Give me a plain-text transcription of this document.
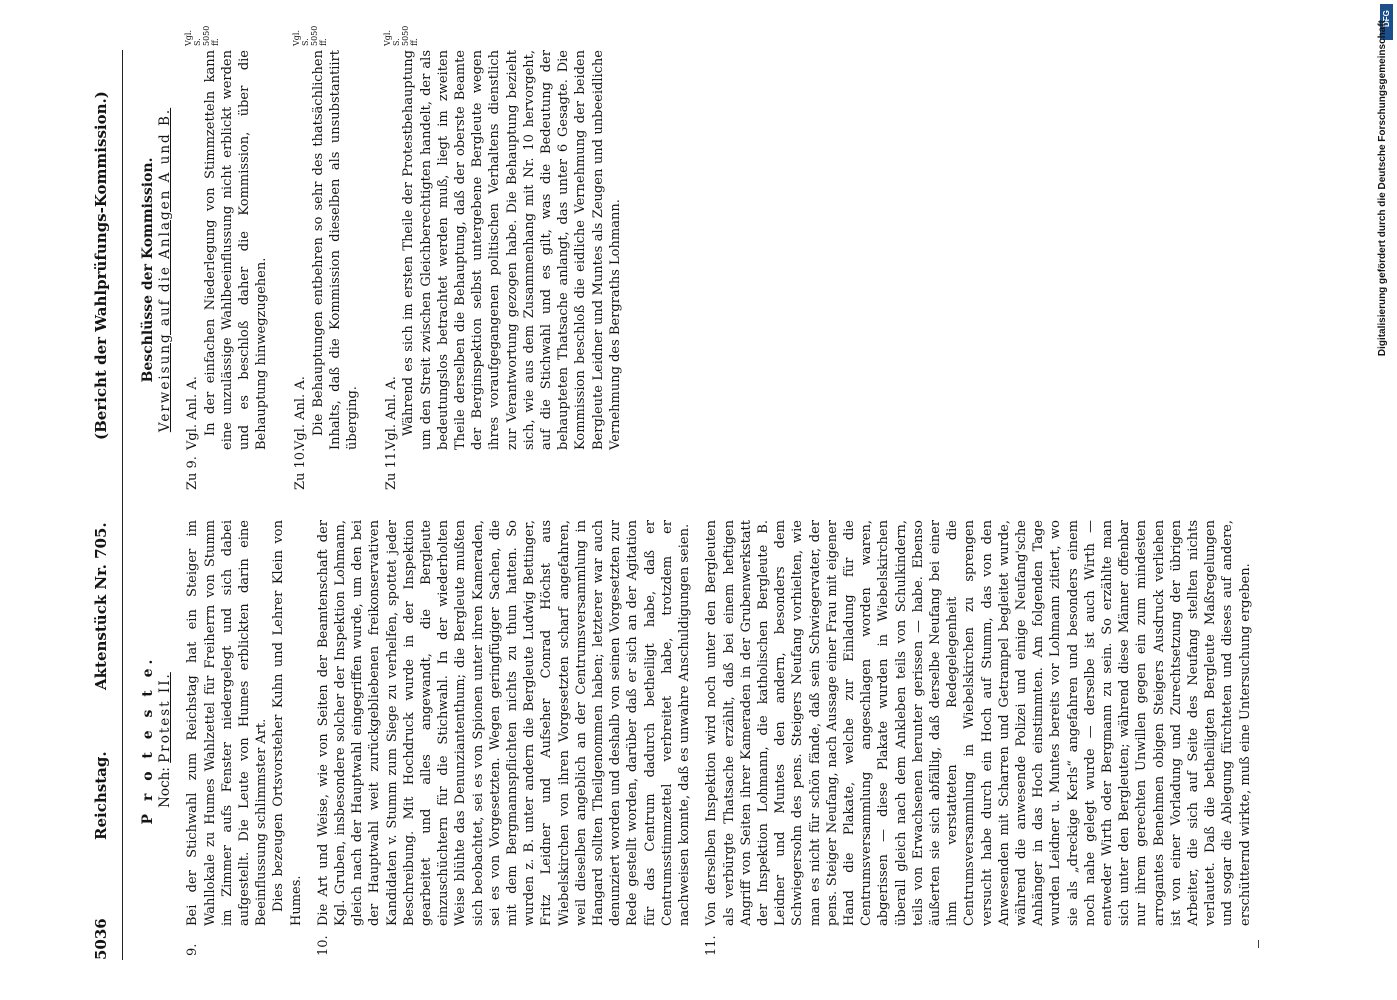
5036
Reichstag.
Aktenstück Nr. 705.
(Bericht der Wahlprüfungs-Kommission.)

P r o t e s t e. Noch: Protest II.

9.

Bei der Stichwahl zum Reichstag hat ein Steiger im Wahllokale zu Humes Wahlzettel für Freiherrn von Stumm im Zimmer aufs Fenster niedergelegt und sich dabei aufgestellt. Die Leute von Humes erblickten darin eine Beeinflussung schlimmster Art. Dies bezeugen Ortsvorsteher Kuhn und Lehrer Klein von Humes.

10.

Die Art und Weise, wie von Seiten der Beamtenschaft der Kgl. Gruben, insbesondere solcher der Inspektion Lohmann, gleich nach der Hauptwahl eingegriffen wurde, um den bei der Hauptwahl weit zurückgebliebenen freikonservativen Kandidaten v. Stumm zum Siege zu verhelfen, spottet jeder Beschreibung. Mit Hochdruck wurde in der Inspektion gearbeitet und alles angewandt, die Bergleute einzuschüchtern für die Stichwahl. In der wiederholten Weise blühte das Denunziantenthum; die Bergleute mußten sich beobachtet, sei es von Spionen unter ihren Kameraden, sei es von Vorgesetzten. Wegen geringfügiger Sachen, die mit dem Bergmannspflichten nichts zu thun hatten. So wurden z. B. unter andern die Bergleute Ludwig Bettinger, Fritz Leidner und Aufseher Conrad Höchst aus Wiebelskirchen von ihren Vorgesetzten scharf angefahren, weil dieselben angeblich an der Centrumsversammlung in Hangard sollten Theilgenommen haben; letzterer war auch denunziert worden und deshalb von seinen Vorgesetzten zur Rede gestellt worden, darüber daß er sich an der Agitation für das Centrum dadurch betheiligt habe, daß er Centrumsstimmzettel verbreitet habe, trotzdem er nachweisen konnte, daß es unwahre Anschuldigungen seien.

11.

Von derselben Inspektion wird noch unter den Bergleuten als verbürgte Thatsache erzählt, daß bei einem heftigen Angriff von Seiten ihrer Kameraden in der Grubenwerkstatt der Inspektion Lohmann, die katholischen Bergleute B. Leidner und Muntes den andern, besonders dem Schwiegersohn des pens. Steigers Neufang vorhielten, wie man es nicht für schön fände, daß sein Schwiegervater, der pens. Steiger Neufang, nach Aussage einer Frau mit eigener Hand die Plakate, welche zur Einladung für die Centrumsversammlung angeschlagen worden waren, abgerissen — diese Plakate wurden in Wiebelskirchen überall gleich nach dem Ankleben teils von Schulkindern, teils von Erwachsenen herunter gerissen — habe. Ebenso äußerten sie sich abfällig, daß derselbe Neufang bei einer ihm verstatteten Redegelegenheit die Centrumsversammlung in Wiebelskirchen zu sprengen versucht habe durch ein Hoch auf Stumm, das von den Anwesenden mit Scharren und Getrampel begleitet wurde, während die anwesende Polizei und einige Neufang'sche Anhänger in das Hoch einstimmten. Am folgenden Tage wurden Leidner u. Muntes bereits vor Lohmann zitiert, wo sie als „dreckige Kerls“ angefahren und besonders einem noch nahe gelegt wurde — derselbe ist auch Wirth — entweder Wirth oder Bergmann zu sein. So erzählte man sich unter den Bergleuten; während diese Männer offenbar nur ihrem gerechten Unwillen gegen ein zum mindesten arrogantes Benehmen obigen Steigers Ausdruck verliehen ist von einer Vorladung und Zurechtsetzung der übrigen Arbeiter, die sich auf Seite des Neufang stellten nichts verlautet. Daß die betheiligten Bergleute Maßregelungen und sogar die Ablegung fürchteten und dieses auf andere, erschütternd wirkte, muß eine Untersuchung ergeben.

Beschlüsse der Kommission. Verweisung auf die Anlagen A und B.

Zu 9.

Vgl. Anl. A. In der einfachen Niederlegung von Stimmzetteln kann eine unzulässige Wahlbeeinflussung nicht erblickt werden und es beschloß daher die Kommission, über die Behauptung hinwegzugehen.

Vgl. S. 5050 ff.
Zu 10.

Vgl. Anl. A. Die Behauptungen entbehren so sehr des thatsächlichen Inhalts, daß die Kommission dieselben als unsubstantiirt überging.

Vgl. S. 5050 ff.
Zu 11.

Vgl. Anl. A. Während es sich im ersten Theile der Protestbehauptung um den Streit zwischen Gleichberechtigten handelt, der als bedeutungslos betrachtet werden muß, liegt im zweiten Theile derselben die Behauptung, daß der oberste Beamte der Berginspektion selbst untergebene Bergleute wegen ihres voraufgegangenen politischen Verhaltens dienstlich zur Verantwortung gezogen habe. Die Behauptung bezieht sich, wie aus dem Zusammenhang mit Nr. 10 hervorgeht, auf die Stichwahl und es gilt, was die Bedeutung der behaupteten Thatsache anlangt, das unter 6 Gesagte. Die Kommission beschloß die eidliche Vernehmung der beiden Bergleute Leidner und Muntes als Zeugen und unbeeidliche Vernehmung des Bergraths Lohmann.

Vgl. S. 5050 ff.
DFG
Digitalisierung gefördert durch die Deutsche Forschungsgemeinschaft
